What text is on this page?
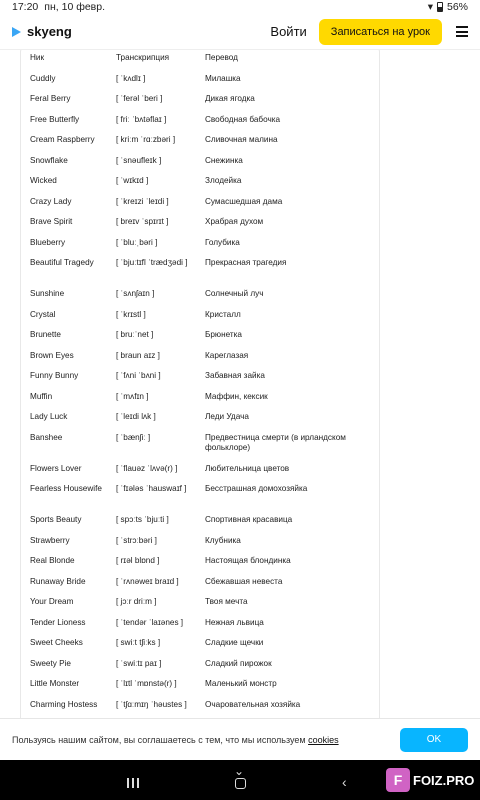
17:20 пн, 10 февр.	▾ 56%
skyeng	Войти	Записаться на урок
Ник	Транскрипция	Перевод
Cuddly	[ ˈkʌdlɪ ]	Милашка
Feral Berry	[ ˈferəl ˈberi ]	Дикая ягодка
Free Butterfly	[ friː ˈbʌtəflaɪ ]	Свободная бабочка
Cream Raspberry	[ kriːm ˈrɑːzbəri ]	Сливочная малина
Snowflake	[ ˈsnəufleɪk ]	Снежинка
Wicked	[ ˈwɪkɪd ]	Злодейка
Crazy Lady	[ ˈkreɪzi ˈleɪdi ]	Сумасшедшая дама
Brave Spirit	[ breɪv ˈspɪrɪt ]	Храбрая духом
Blueberry	[ ˈbluːˌbəri ]	Голубика
Beautiful Tragedy	[ ˈbjuːtɪfl ˈtrædʒədi ]	Прекрасная трагедия
Sunshine	[ ˈsʌnʃaɪn ]	Солнечный луч
Crystal	[ ˈkrɪstl ]	Кристалл
Brunette	[ bruːˈnet ]	Брюнетка
Brown Eyes	[ braun aɪz ]	Кареглазая
Funny Bunny	[ ˈfʌni ˈbʌni ]	Забавная зайка
Muffin	[ ˈmʌfɪn ]	Маффин, кексик
Lady Luck	[ ˈleɪdi lʌk ]	Леди Удача
Banshee	[ ˈbænʃiː ]	Предвестница смерти (в ирландском фольклоре)
Flowers Lover	[ ˈflauəz ˈlʌvə(r) ]	Любительница цветов
Fearless Housewife	[ ˈfɪələs ˈhauswaɪf ]	Бесстрашная домохозяйка
Sports Beauty	[ spɔːts ˈbjuːti ]	Спортивная красавица
Strawberry	[ ˈstrɔːbəri ]	Клубника
Real Blonde	[ rɪəl blɒnd ]	Настоящая блондинка
Runaway Bride	[ ˈrʌnəweɪ braɪd ]	Сбежавшая невеста
Your Dream	[ jɔːr driːm ]	Твоя мечта
Tender Lioness	[ ˈtendər ˈlaɪənes ]	Нежная львица
Sweet Cheeks	[ swiːt tʃiːks ]	Сладкие щечки
Sweety Pie	[ ˈswiːtɪ paɪ ]	Сладкий пирожок
Little Monster	[ ˈlɪtl ˈmɒnstə(r) ]	Маленький монстр
Charming Hostess	[ ˈtʃɑːmɪŋ ˈhəustes ]	Очаровательная хозяйка
Пользуясь нашим сайтом, вы соглашаетесь с тем, что мы используем cookies	OK
⌄
‹	F FOIZ.PRO
